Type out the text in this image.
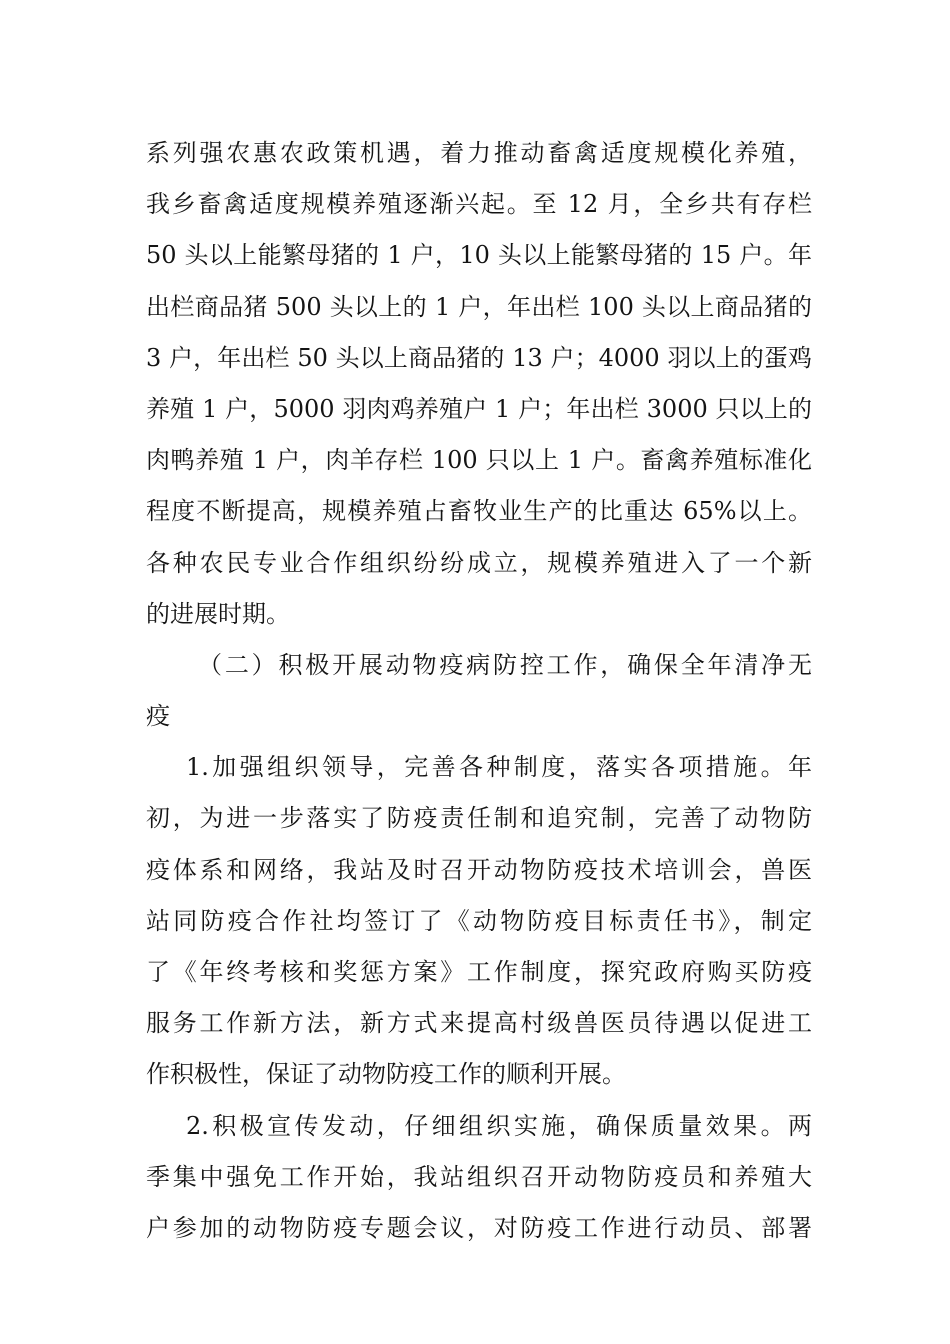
系列强农惠农政策机遇，着力推动畜禽适度规模化养殖，
我乡畜禽适度规模养殖逐渐兴起。至 12 月，全乡共有存栏
50 头以上能繁母猪的 1 户，10 头以上能繁母猪的 15 户。年
出栏商品猪 500 头以上的 1 户，年出栏 100 头以上商品猪的
3 户，年出栏 50 头以上商品猪的 13 户；4000 羽以上的蛋鸡
养殖 1 户，5000 羽肉鸡养殖户 1 户；年出栏 3000 只以上的
肉鸭养殖 1 户，肉羊存栏 100 只以上 1 户。畜禽养殖标准化
程度不断提高，规模养殖占畜牧业生产的比重达 65%以上。
各种农民专业合作组织纷纷成立，规模养殖进入了一个新
的进展时期。
（二）积极开展动物疫病防控工作，确保全年清净无
疫
1.加强组织领导，完善各种制度，落实各项措施。年
初，为进一步落实了防疫责任制和追究制，完善了动物防
疫体系和网络，我站及时召开动物防疫技术培训会，兽医
站同防疫合作社均签订了《动物防疫目标责任书》，制定
了《年终考核和奖惩方案》工作制度，探究政府购买防疫
服务工作新方法，新方式来提高村级兽医员待遇以促进工
作积极性，保证了动物防疫工作的顺利开展。
2.积极宣传发动，仔细组织实施，确保质量效果。两
季集中强免工作开始，我站组织召开动物防疫员和养殖大
户参加的动物防疫专题会议，对防疫工作进行动员、部署
